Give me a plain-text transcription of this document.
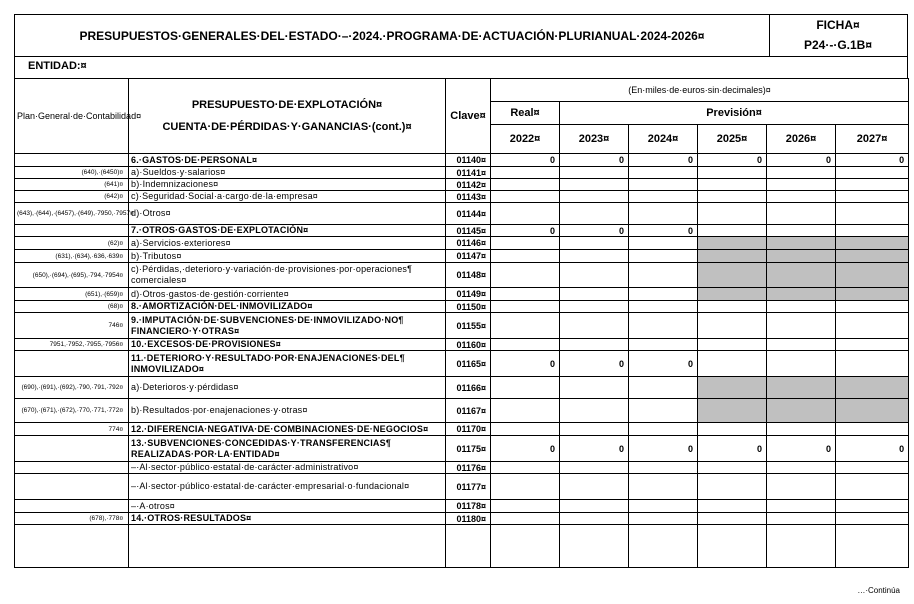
PRESUPUESTOS·GENERALES·DEL·ESTADO·–·2024.·PROGRAMA·DE·ACTUACIÓN·PLURIANUAL·2024-2026¤
FICHA¤
P24·-·G.1B¤
ENTIDAD:¤
Plan·General·de·Contabilidad¤	PRESUPUESTO·DE·EXPLOTACIÓN¤
CUENTA·DE·PÉRDIDAS·Y·GANANCIAS·(cont.)¤	Clave¤	(En·miles·de·euros·sin·decimales)¤					
			Real¤	Previsión¤				
			2022¤	2023¤	2024¤	2025¤	2026¤	2027¤
	6.·GASTOS·DE·PERSONAL¤	01140¤	0	0	0	0	0	0
(640),·(6450)¤	a)·Sueldos·y·salarios¤	01141¤						
(641)¤	b)·Indemnizaciones¤	01142¤						
(642)¤	c)·Seguridad·Social·a·cargo·de·la·empresa¤	01143¤						
(643),·(644),·(6457),·(649),·7950,·7957¤	d)·Otros¤	01144¤						
	7.·OTROS·GASTOS·DE·EXPLOTACIÓN¤	01145¤	0	0	0			
(62)¤	a)·Servicios·exteriores¤	01146¤						
(631),·(634),·636,·639¤	b)·Tributos¤	01147¤						
(650),·(694),·(695),·794,·7954¤	c)·Pérdidas,·deterioro·y·variación·de·provisiones·por·operaciones¶ comerciales¤	01148¤						
(651),·(659)¤	d)·Otros·gastos·de·gestión·corriente¤	01149¤						
(68)¤	8.·AMORTIZACIÓN·DEL·INMOVILIZADO¤	01150¤						
746¤	9.·IMPUTACIÓN·DE·SUBVENCIONES·DE·INMOVILIZADO·NO¶ FINANCIERO·Y·OTRAS¤	01155¤						
7951,·7952,·7955,·7956¤	10.·EXCESOS·DE·PROVISIONES¤	01160¤						
	11.·DETERIORO·Y·RESULTADO·POR·ENAJENACIONES·DEL¶ INMOVILIZADO¤	01165¤	0	0	0			
(690),·(691),·(692),·790,·791,·792¤	a)·Deterioros·y·pérdidas¤	01166¤						
(670),·(671),·(672),·770,·771,·772¤	b)·Resultados·por·enajenaciones·y·otras¤	01167¤						
774¤	12.·DIFERENCIA·NEGATIVA·DE·COMBINACIONES·DE·NEGOCIOS¤	01170¤						
	13.·SUBVENCIONES·CONCEDIDAS·Y·TRANSFERENCIAS¶ REALIZADAS·POR·LA·ENTIDAD¤	01175¤	0	0	0	0	0	0
	–·Al·sector·público·estatal·de·carácter·administrativo¤	01176¤						
	–·Al·sector·público·estatal·de·carácter·empresarial·o·fundacional¤	01177¤						
	–·A·otros¤	01178¤						
(678),·778¤	14.·OTROS·RESULTADOS¤	01180¤						

…·Continúa
